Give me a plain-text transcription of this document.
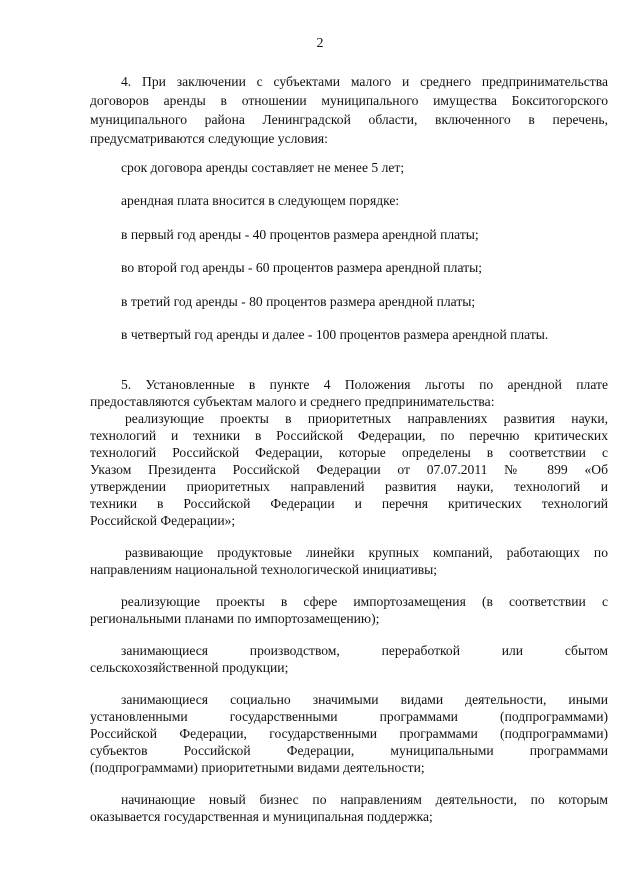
2
4. При заключении с субъектами малого и среднего предпринимательства
договоров аренды в отношении муниципального имущества Бокситогорского
муниципального района Ленинградской области, включенного в перечень,
предусматриваются следующие условия:
срок договора аренды составляет не менее 5 лет;
арендная плата вносится в следующем порядке:
в первый год аренды - 40 процентов размера арендной платы;
во второй год аренды - 60 процентов размера арендной платы;
в третий год аренды - 80 процентов размера арендной платы;
в четвертый год аренды и далее - 100 процентов размера арендной платы.
5. Установленные в пункте 4 Положения льготы по арендной плате
предоставляются субъектам малого и среднего предпринимательства:
реализующие проекты в приоритетных направлениях развития науки,
технологий и техники в Российской Федерации, по перечню критических
технологий Российской Федерации, которые определены в соответствии с
Указом Президента Российской Федерации от 07.07.2011 № 899 «Об
утверждении приоритетных направлений развития науки, технологий и
техники в Российской Федерации и перечня критических технологий
Российской Федерации»;
развивающие продуктовые линейки крупных компаний, работающих по
направлениям национальной технологической инициативы;
реализующие проекты в сфере импортозамещения (в соответствии с
региональными планами по импортозамещению);
занимающиеся производством, переработкой или сбытом
сельскохозяйственной продукции;
занимающиеся социально значимыми видами деятельности, иными
установленными государственными программами (подпрограммами)
Российской Федерации, государственными программами (подпрограммами)
субъектов Российской Федерации, муниципальными программами
(подпрограммами) приоритетными видами деятельности;
начинающие новый бизнес по направлениям деятельности, по которым
оказывается государственная и муниципальная поддержка;
